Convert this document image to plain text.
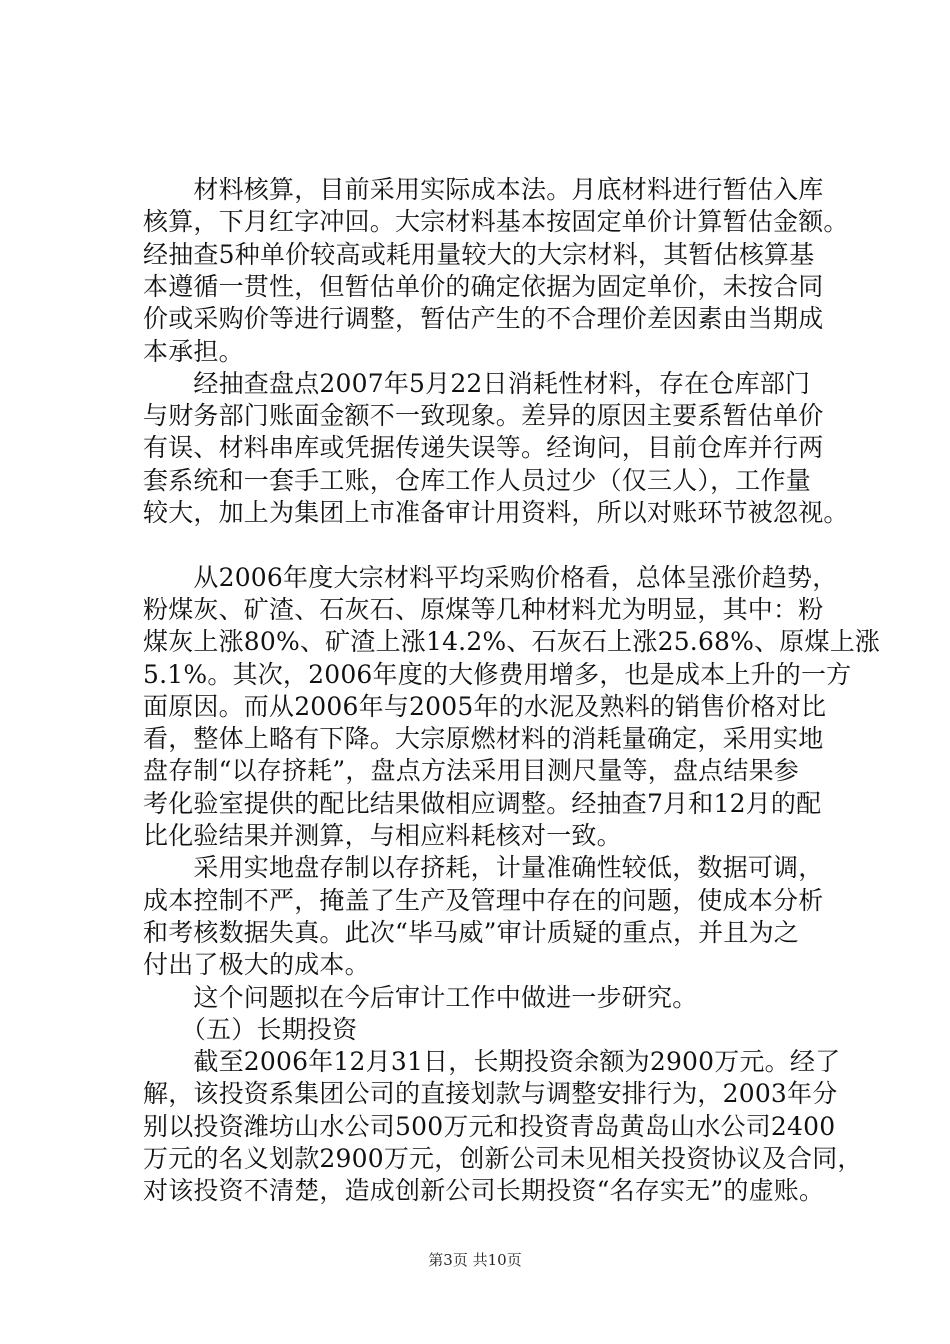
　　材料核算，目前采用实际成本法。月底材料进行暂估入库
核算，下月红字冲回。大宗材料基本按固定单价计算暂估金额。
经抽查5种单价较高或耗用量较大的大宗材料，其暂估核算基
本遵循一贯性，但暂估单价的确定依据为固定单价，未按合同
价或采购价等进行调整，暂估产生的不合理价差因素由当期成
本承担。
　　经抽查盘点2007年5月22日消耗性材料，存在仓库部门
与财务部门账面金额不一致现象。差异的原因主要系暂估单价
有误、材料串库或凭据传递失误等。经询问，目前仓库并行两
套系统和一套手工账，仓库工作人员过少（仅三人），工作量
较大，加上为集团上市准备审计用资料，所以对账环节被忽视。
　　从2006年度大宗材料平均采购价格看，总体呈涨价趋势，
粉煤灰、矿渣、石灰石、原煤等几种材料尤为明显，其中：粉
煤灰上涨80%、矿渣上涨14.2%、石灰石上涨25.68%、原煤上涨
5.1%。其次，2006年度的大修费用增多，也是成本上升的一方
面原因。而从2006年与2005年的水泥及熟料的销售价格对比
看，整体上略有下降。大宗原燃材料的消耗量确定，采用实地
盘存制“以存挤耗”，盘点方法采用目测尺量等，盘点结果参
考化验室提供的配比结果做相应调整。经抽查7月和12月的配
比化验结果并测算，与相应料耗核对一致。
　　采用实地盘存制以存挤耗，计量准确性较低，数据可调，
成本控制不严，掩盖了生产及管理中存在的问题，使成本分析
和考核数据失真。此次“毕马威”审计质疑的重点，并且为之
付出了极大的成本。
　　这个问题拟在今后审计工作中做进一步研究。
　　（五）长期投资
　　截至2006年12月31日，长期投资余额为2900万元。经了
解，该投资系集团公司的直接划款与调整安排行为，2003年分
别以投资潍坊山水公司500万元和投资青岛黄岛山水公司2400
万元的名义划款2900万元，创新公司未见相关投资协议及合同，
对该投资不清楚，造成创新公司长期投资“名存实无”的虚账。
第3页 共10页
